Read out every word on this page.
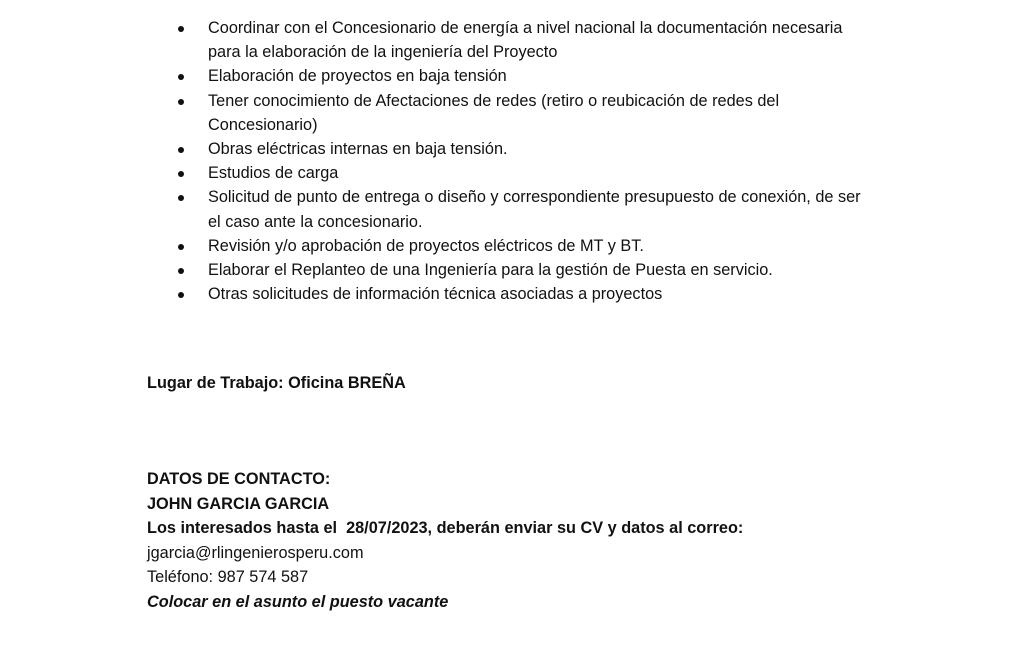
Coordinar con el Concesionario de energía a nivel nacional la documentación necesaria para la elaboración de la ingeniería del Proyecto
Elaboración de proyectos en baja tensión
Tener conocimiento de Afectaciones de redes (retiro o reubicación de redes del Concesionario)
Obras eléctricas internas en baja tensión.
Estudios de carga
Solicitud de punto de entrega o diseño y correspondiente presupuesto de conexión, de ser el caso ante la concesionario.
Revisión y/o aprobación de proyectos eléctricos de MT y BT.
Elaborar el Replanteo de una Ingeniería para la gestión de Puesta en servicio.
Otras solicitudes de información técnica asociadas a proyectos
Lugar de Trabajo: Oficina BREÑA
DATOS DE CONTACTO:
JOHN GARCIA GARCIA
Los interesados hasta el  28/07/2023, deberán enviar su CV y datos al correo:
jgarcia@rlingenierosperu.com
Teléfono: 987 574 587
Colocar en el asunto el puesto vacante
